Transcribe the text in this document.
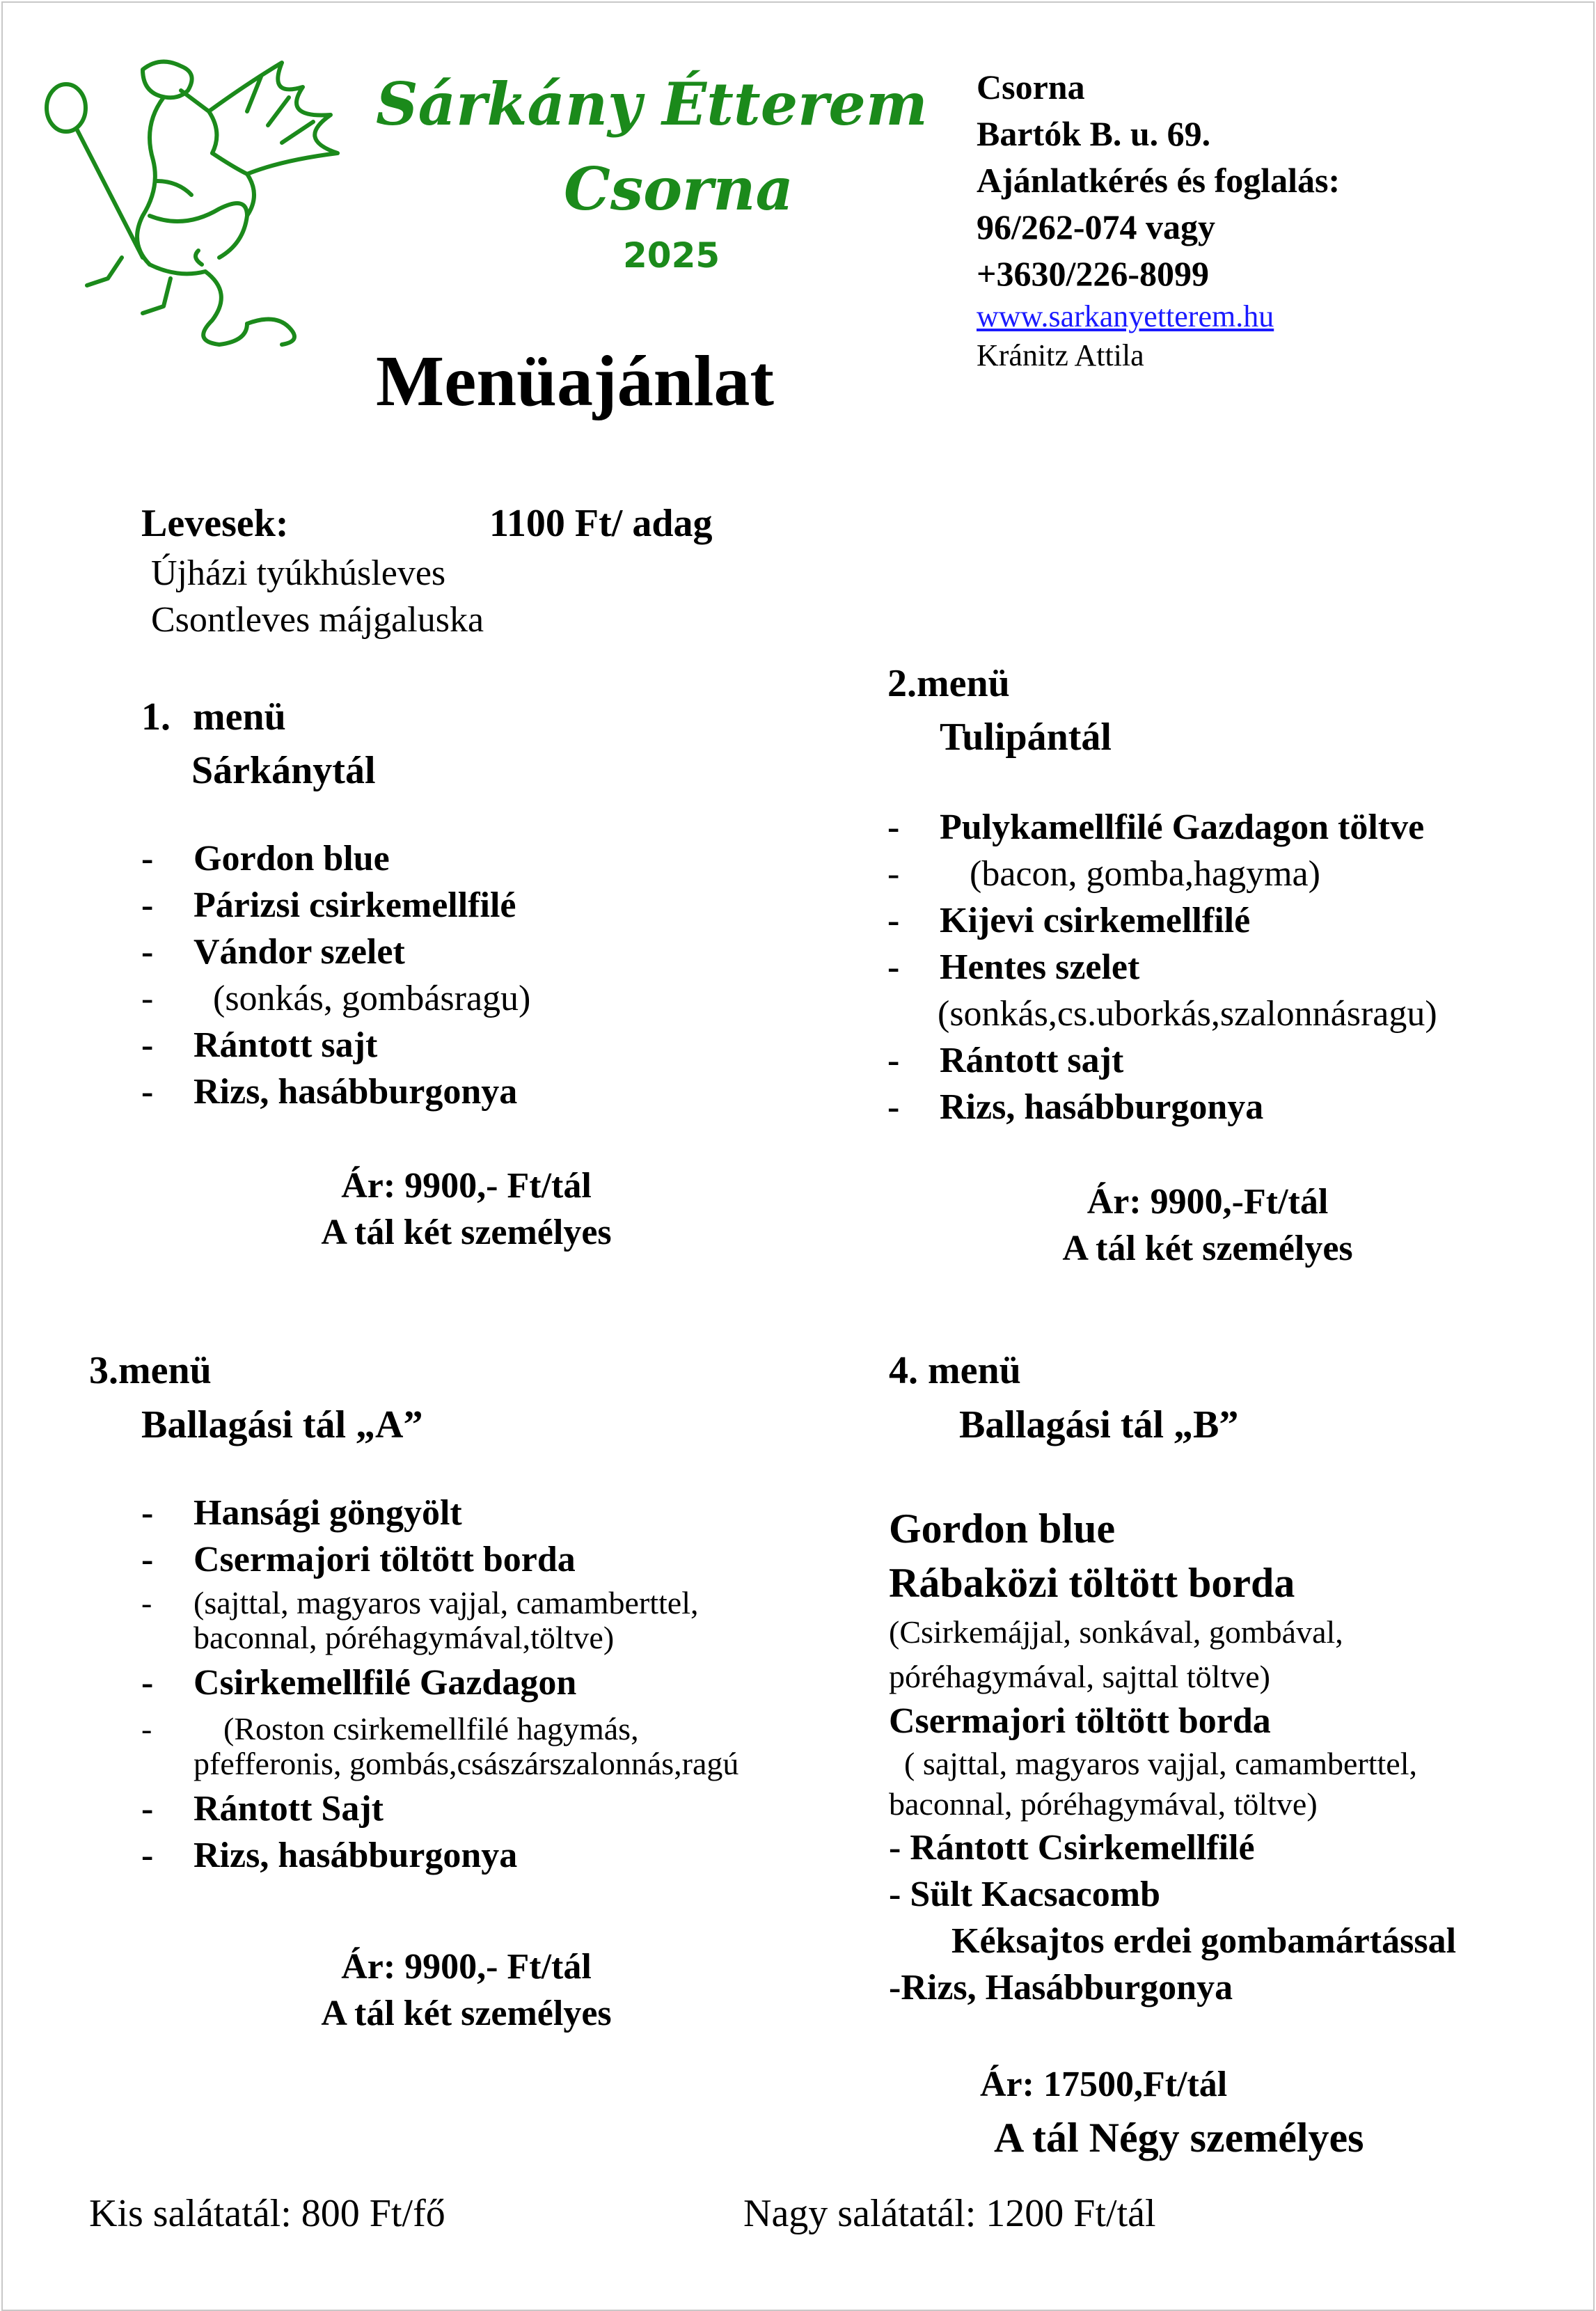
Sárkány Étterem
Csorna
2025
Csorna
Bartók B. u. 69.
Ajánlatkérés és foglalás:
96/262-074 vagy
+3630/226-8099
www.sarkanyetterem.hu
Kránitz Attila
Menüajánlat
Levesek:	1100 Ft/ adag
Újházi tyúkhúsleves
Csontleves májgaluska
1. menü
Sárkánytál
- Gordon blue
- Párizsi csirkemellfilé
- Vándor szelet
- (sonkás, gombásragu)
- Rántott sajt
- Rizs, hasábburgonya
Ár: 9900,- Ft/tál
A tál két személyes
2.menü
Tulipántál
- Pulykamellfilé Gazdagon töltve
- (bacon, gomba,hagyma)
- Kijevi csirkemellfilé
- Hentes szelet
(sonkás,cs.uborkás,szalonnásragu)
- Rántott sajt
- Rizs, hasábburgonya
Ár: 9900,-Ft/tál
A tál két személyes
3.menü
Ballagási tál „A”
- Hansági göngyölt
- Csermajori töltött borda
- (sajttal, magyaros vajjal, camamberttel,
baconnal, póréhagymával,töltve)
- Csirkemellfilé Gazdagon
- (Roston csirkemellfilé hagymás,
pfefferonis, gombás,császárszalonnás,ragú
- Rántott Sajt
- Rizs, hasábburgonya
Ár: 9900,- Ft/tál
A tál két személyes
4. menü
Ballagási tál „B”
Gordon blue
Rábaközi töltött borda
(Csirkemájjal, sonkával, gombával,
póréhagymával, sajttal töltve)
Csermajori töltött borda
( sajttal, magyaros vajjal, camamberttel,
baconnal, póréhagymával, töltve)
- Rántott Csirkemellfilé
- Sült Kacsacomb
Kéksajtos erdei gombamártással
-Rizs, Hasábburgonya
Ár: 17500,Ft/tál
A tál Négy személyes
Kis salátatál: 800 Ft/fő	Nagy salátatál: 1200 Ft/tál
